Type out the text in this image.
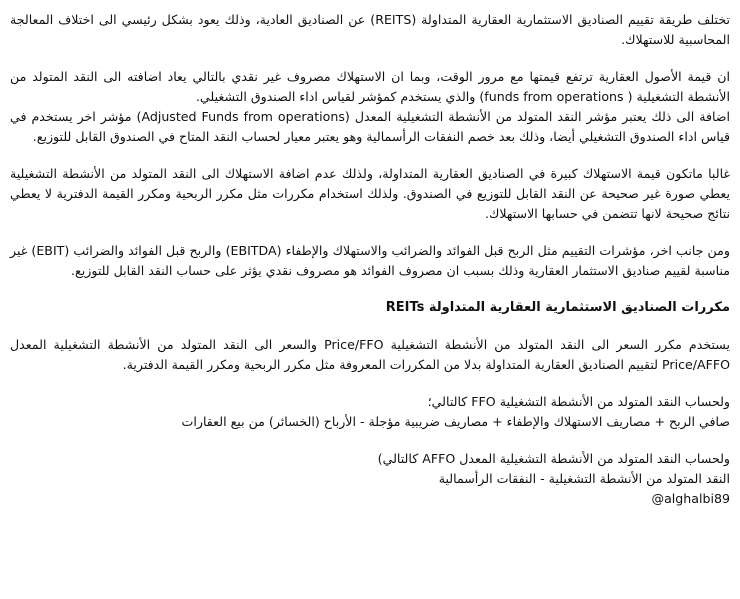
تختلف طريقة تقييم الصناديق الاستثمارية العقارية المتداولة (REITS) عن الصناديق العادية، وذلك يعود بشكل رئيسي الى اختلاف المعالجة المحاسبية للاستهلاك.

ان قيمة الأصول العقارية ترتفع قيمتها مع مرور الوقت، وبما ان الاستهلاك مصروف غير نقدي بالتالي يعاد اضافته الى النقد المتولد من الأنشطة التشغيلية ( funds from operations) والذي يستخدم كمؤشر لقياس اداء الصندوق التشغيلي.

اضافة الى ذلك يعتبر مؤشر النقد المتولد من الأنشطة التشغيلية المعدل (Adjusted Funds from operations) مؤشر اخر يستخدم في قياس اداء الصندوق التشغيلي أيضا، وذلك بعد خصم النفقات الرأسمالية وهو يعتبر معيار لحساب النقد المتاح في الصندوق القابل للتوزيع.

غالبا ماتكون قيمة الاستهلاك كبيرة في الصناديق العقارية المتداولة، ولذلك عدم اضافة الاستهلاك الى النقد المتولد من الأنشطة التشغيلية يعطي صورة غير صحيحة عن النقد القابل للتوزيع في الصندوق. ولذلك استخدام مكررات مثل مكرر الربحية ومكرر القيمة الدفترية لا يعطي نتائج صحيحة لانها تتضمن في حسابها الاستهلاك.

ومن جانب اخر، مؤشرات التقييم مثل الربح قبل الفوائد والضرائب والاستهلاك والإطفاء (EBITDA) والربح قبل الفوائد والضرائب (EBIT) غير مناسبة لقييم صناديق الاستثمار العقارية وذلك بسبب ان مصروف الفوائد هو مصروف نقدي يؤثر على حساب النقد القابل للتوزيع.

مكررات الصناديق الاستثمارية العقارية المتداولة REITs

يستخدم مكرر السعر الى النقد المتولد من الأنشطة التشغيلية Price/FFO والسعر الى النقد المتولد من الأنشطة التشغيلية المعدل Price/AFFO لتقييم الصناديق العقارية المتداولة بدلا من المكررات المعروفة مثل مكرر الربحية ومكرر القيمة الدفترية.

ولحساب النقد المتولد من الأنشطة التشغيلية FFO كالتالي؛
صافي الربح + مصاريف الاستهلاك والإطفاء + مصاريف ضريبية مؤجلة - الأرباح (الخسائر) من بيع العقارات

ولحساب النقد المتولد من الأنشطة التشغيلية المعدل AFFO كالتالي)
النقد المتولد من الأنشطة التشغيلية - النفقات الرأسمالية

@alghalbi89
